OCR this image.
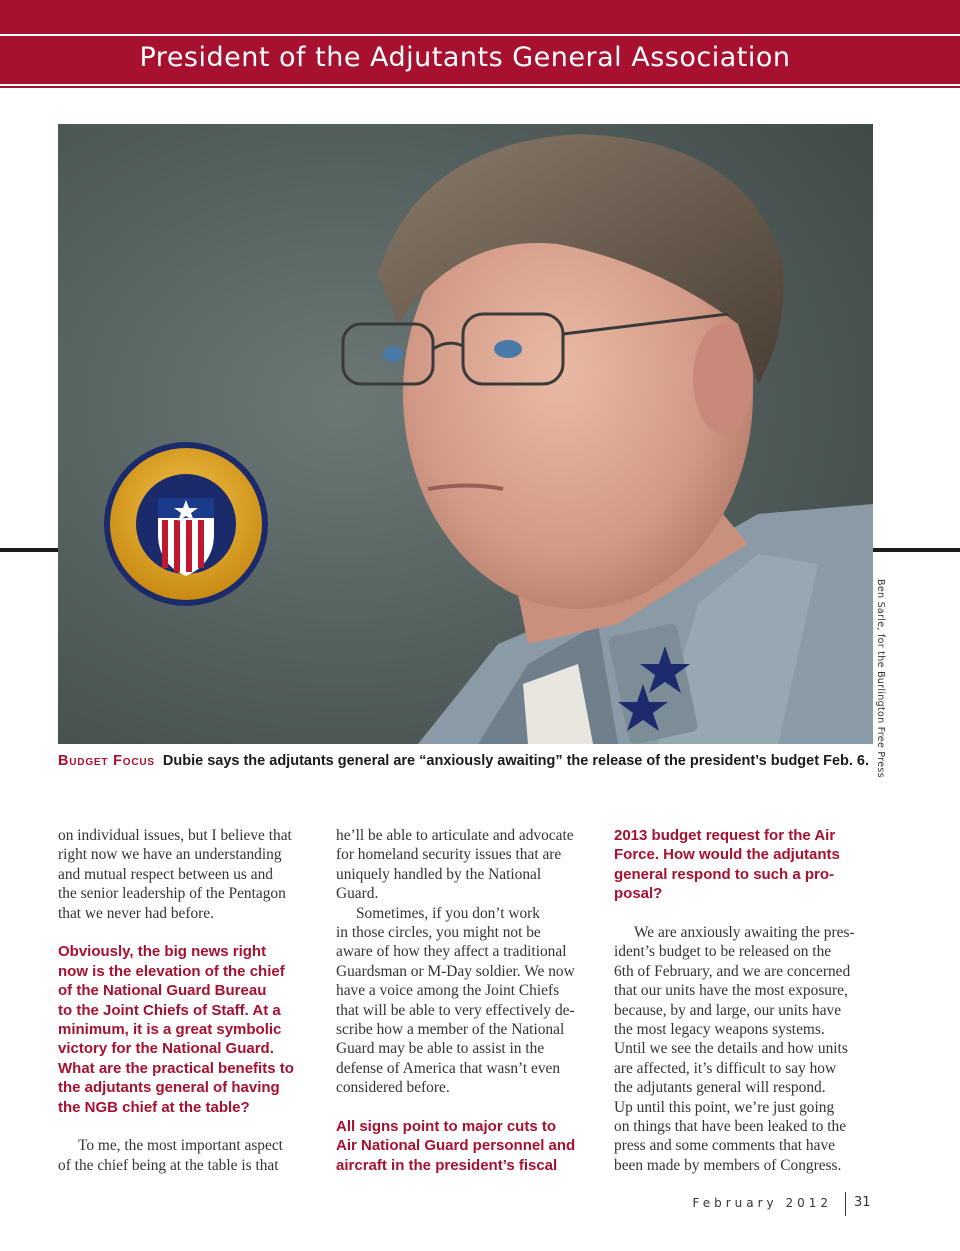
President of the Adjutants General Association
Ben Sarle, for the Burlington Free Press
Budget Focus Dubie says the adjutants general are “anxiously awaiting” the release of the president’s budget Feb. 6.

on individual issues, but I believe that
right now we have an understanding
and mutual respect between us and
the senior leadership of the Pentagon
that we never had before.

Obviously, the big news right
now is the elevation of the chief
of the National Guard Bureau
to the Joint Chiefs of Staff. At a
minimum, it is a great symbolic
victory for the National Guard.
What are the practical benefits to
the adjutants general of having
the NGB chief at the table?

To me, the most important aspect
of the chief being at the table is that

he’ll be able to articulate and advocate
for homeland security issues that are
uniquely handled by the National
Guard.

Sometimes, if you don’t work
in those circles, you might not be
aware of how they affect a traditional
Guardsman or M-Day soldier. We now
have a voice among the Joint Chiefs
that will be able to very effectively de-
scribe how a member of the National
Guard may be able to assist in the
defense of America that wasn’t even
considered before.

All signs point to major cuts to
Air National Guard personnel and
aircraft in the president’s fiscal

2013 budget request for the Air
Force. How would the adjutants
general respond to such a pro-
posal?

We are anxiously awaiting the pres-
ident’s budget to be released on the
6th of February, and we are concerned
that our units have the most exposure,
because, by and large, our units have
the most legacy weapons systems.
Until we see the details and how units
are affected, it’s difficult to say how
the adjutants general will respond.
Up until this point, we’re just going
on things that have been leaked to the
press and some comments that have
been made by members of Congress.

February 2012 31
